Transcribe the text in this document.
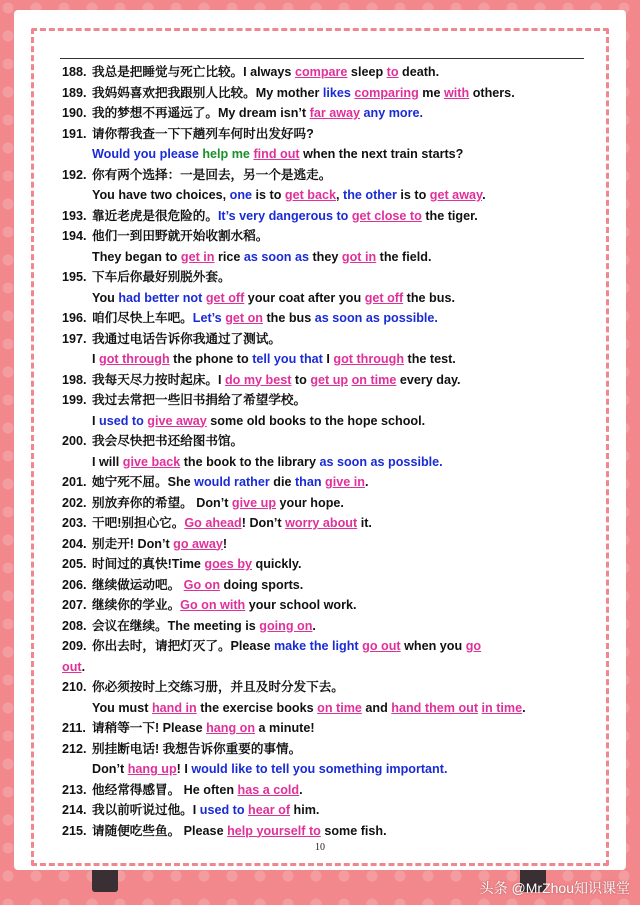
188. 我总是把睡觉与死亡比较。I always compare sleep to death.
189. 我妈妈喜欢把我跟别人比较。My mother likes comparing me with others.
190. 我的梦想不再遥远了。My dream isn’t far away any more.
191. 请你帮我查一下下趟列车何时出发好吗?
Would you please help me find out when the next train starts?
192. 你有两个选择：一是回去，另一个是逃走。
You have two choices, one is to get back, the other is to get away.
193. 靠近老虎是很危险的。It’s very dangerous to get close to the tiger.
194. 他们一到田野就开始收割水稻。
They began to get in rice as soon as they got in the field.
195. 下车后你最好别脱外套。
You had better not get off your coat after you get off the bus.
196. 咱们尽快上车吧。Let’s get on the bus as soon as possible.
197. 我通过电话告诉你我通过了测试。
I got through the phone to tell you that I got through the test.
198. 我每天尽力按时起床。I do my best to get up on time every day.
199. 我过去常把一些旧书捐给了希望学校。
I used to give away some old books to the hope school.
200. 我会尽快把书还给图书馆。
I will give back the book to the library as soon as possible.
201. 她宁死不屈。She would rather die than give in.
202. 别放弃你的希望。 Don’t give up your hope.
203. 干吧!别担心它。Go ahead! Don’t worry about it.
204. 别走开! Don’t go away!
205. 时间过的真快!Time goes by quickly.
206. 继续做运动吧。 Go on doing sports.
207. 继续你的学业。Go on with your school work.
208. 会议在继续。The meeting is going on.
209. 你出去时，请把灯灭了。Please make the light go out when you go
out.
210. 你必须按时上交练习册，并且及时分发下去。
You must hand in the exercise books on time and hand them out in time.
211. 请稍等一下! Please hang on a minute!
212. 别挂断电话! 我想告诉你重要的事情。
Don’t hang up! I would like to tell you something important.
213. 他经常得感冒。 He often has a cold.
214. 我以前听说过他。I used to hear of him.
215. 请随便吃些鱼。 Please help yourself to some fish.
10
头条 @MrZhou知识课堂
